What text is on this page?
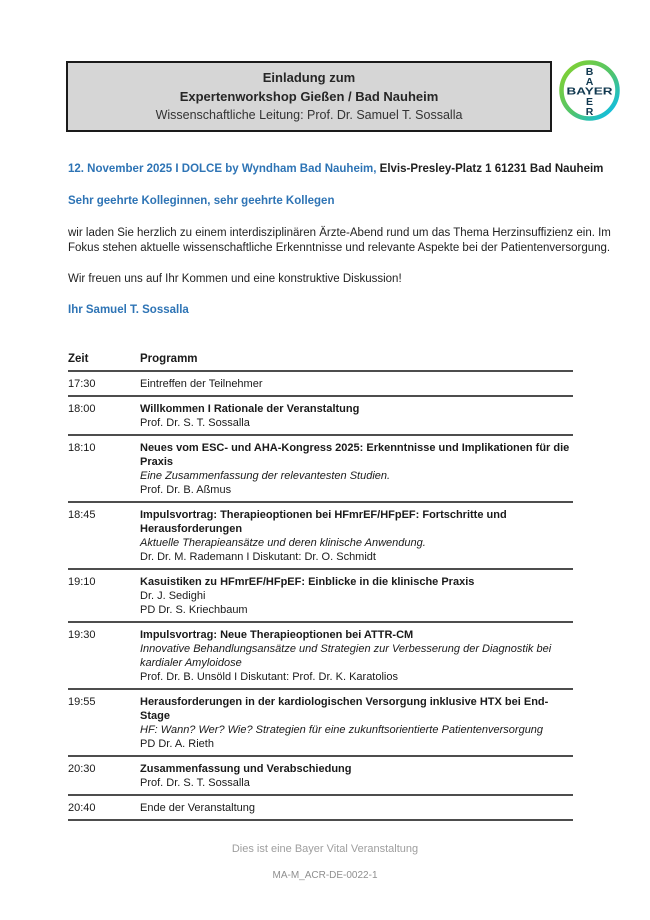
Einladung zum
Expertenworkshop Gießen / Bad Nauheim
Wissenschaftliche Leitung: Prof. Dr. Samuel T. Sossalla
B
A
BAYER
E
R
12. November 2025 I DOLCE by Wyndham Bad Nauheim, Elvis-Presley-Platz 1 61231 Bad Nauheim
Sehr geehrte Kolleginnen, sehr geehrte Kollegen
wir laden Sie herzlich zu einem interdisziplinären Ärzte-Abend rund um das Thema Herzinsuffizienz ein. Im Fokus stehen aktuelle wissenschaftliche Erkenntnisse und relevante Aspekte bei der Patientenversorgung.
Wir freuen uns auf Ihr Kommen und eine konstruktive Diskussion!
Ihr Samuel T. Sossalla
Zeit	Programm
17:30	Eintreffen der Teilnehmer
18:00	Willkommen I Rationale der Veranstaltung
Prof. Dr. S. T. Sossalla
18:10	Neues vom ESC- und AHA-Kongress 2025: Erkenntnisse und Implikationen für die Praxis
Eine Zusammenfassung der relevantesten Studien.
Prof. Dr. B. Aßmus
18:45	Impulsvortrag: Therapieoptionen bei HFmrEF/HFpEF: Fortschritte und Herausforderungen
Aktuelle Therapieansätze und deren klinische Anwendung.
Dr. Dr. M. Rademann I Diskutant: Dr. O. Schmidt
19:10	Kasuistiken zu HFmrEF/HFpEF: Einblicke in die klinische Praxis
Dr. J. Sedighi
PD Dr. S. Kriechbaum
19:30	Impulsvortrag: Neue Therapieoptionen bei ATTR-CM
Innovative Behandlungsansätze und Strategien zur Verbesserung der Diagnostik bei kardialer Amyloidose
Prof. Dr. B. Unsöld I Diskutant: Prof. Dr. K. Karatolios
19:55	Herausforderungen in der kardiologischen Versorgung inklusive HTX bei End-Stage
HF: Wann? Wer? Wie? Strategien für eine zukunftsorientierte Patientenversorgung
PD Dr. A. Rieth
20:30	Zusammenfassung und Verabschiedung
Prof. Dr. S. T. Sossalla
20:40	Ende der Veranstaltung
Dies ist eine Bayer Vital Veranstaltung
MA-M_ACR-DE-0022-1
